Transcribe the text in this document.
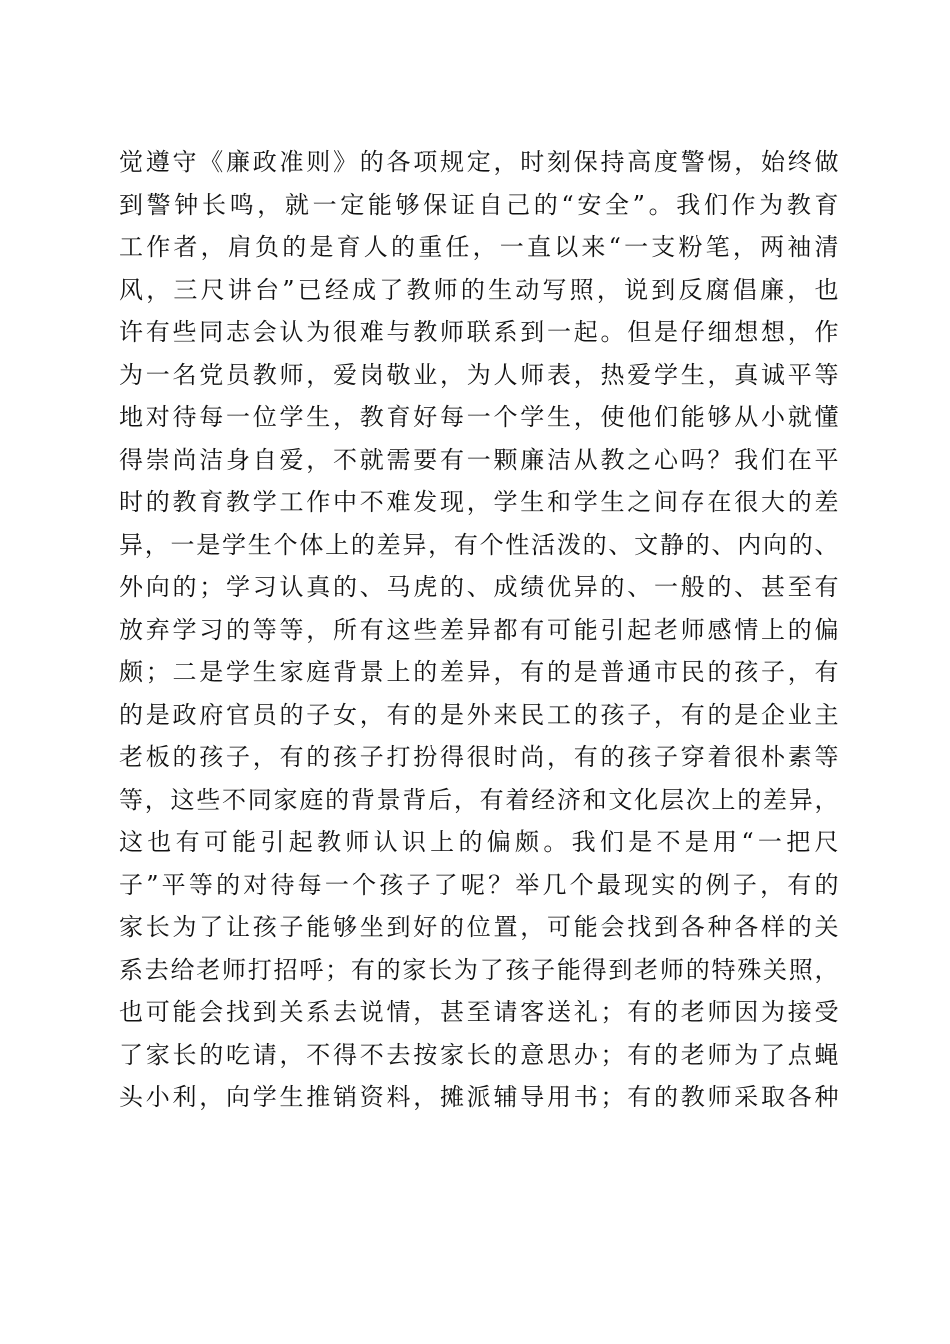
觉遵守《廉政准则》的各项规定，时刻保持高度警惕，始终做
到警钟长鸣，就一定能够保证自己的“安全”。我们作为教育
工作者，肩负的是育人的重任，一直以来“一支粉笔，两袖清
风，三尺讲台”已经成了教师的生动写照，说到反腐倡廉，也
许有些同志会认为很难与教师联系到一起。但是仔细想想，作
为一名党员教师，爱岗敬业，为人师表，热爱学生，真诚平等
地对待每一位学生，教育好每一个学生，使他们能够从小就懂
得崇尚洁身自爱，不就需要有一颗廉洁从教之心吗？我们在平
时的教育教学工作中不难发现，学生和学生之间存在很大的差
异，一是学生个体上的差异，有个性活泼的、文静的、内向的、
外向的；学习认真的、马虎的、成绩优异的、一般的、甚至有
放弃学习的等等，所有这些差异都有可能引起老师感情上的偏
颇；二是学生家庭背景上的差异，有的是普通市民的孩子，有
的是政府官员的子女，有的是外来民工的孩子，有的是企业主
老板的孩子，有的孩子打扮得很时尚，有的孩子穿着很朴素等
等，这些不同家庭的背景背后，有着经济和文化层次上的差异，
这也有可能引起教师认识上的偏颇。我们是不是用“一把尺
子”平等的对待每一个孩子了呢？举几个最现实的例子，有的
家长为了让孩子能够坐到好的位置，可能会找到各种各样的关
系去给老师打招呼；有的家长为了孩子能得到老师的特殊关照，
也可能会找到关系去说情，甚至请客送礼；有的老师因为接受
了家长的吃请，不得不去按家长的意思办；有的老师为了点蝇
头小利，向学生推销资料，摊派辅导用书；有的教师采取各种
